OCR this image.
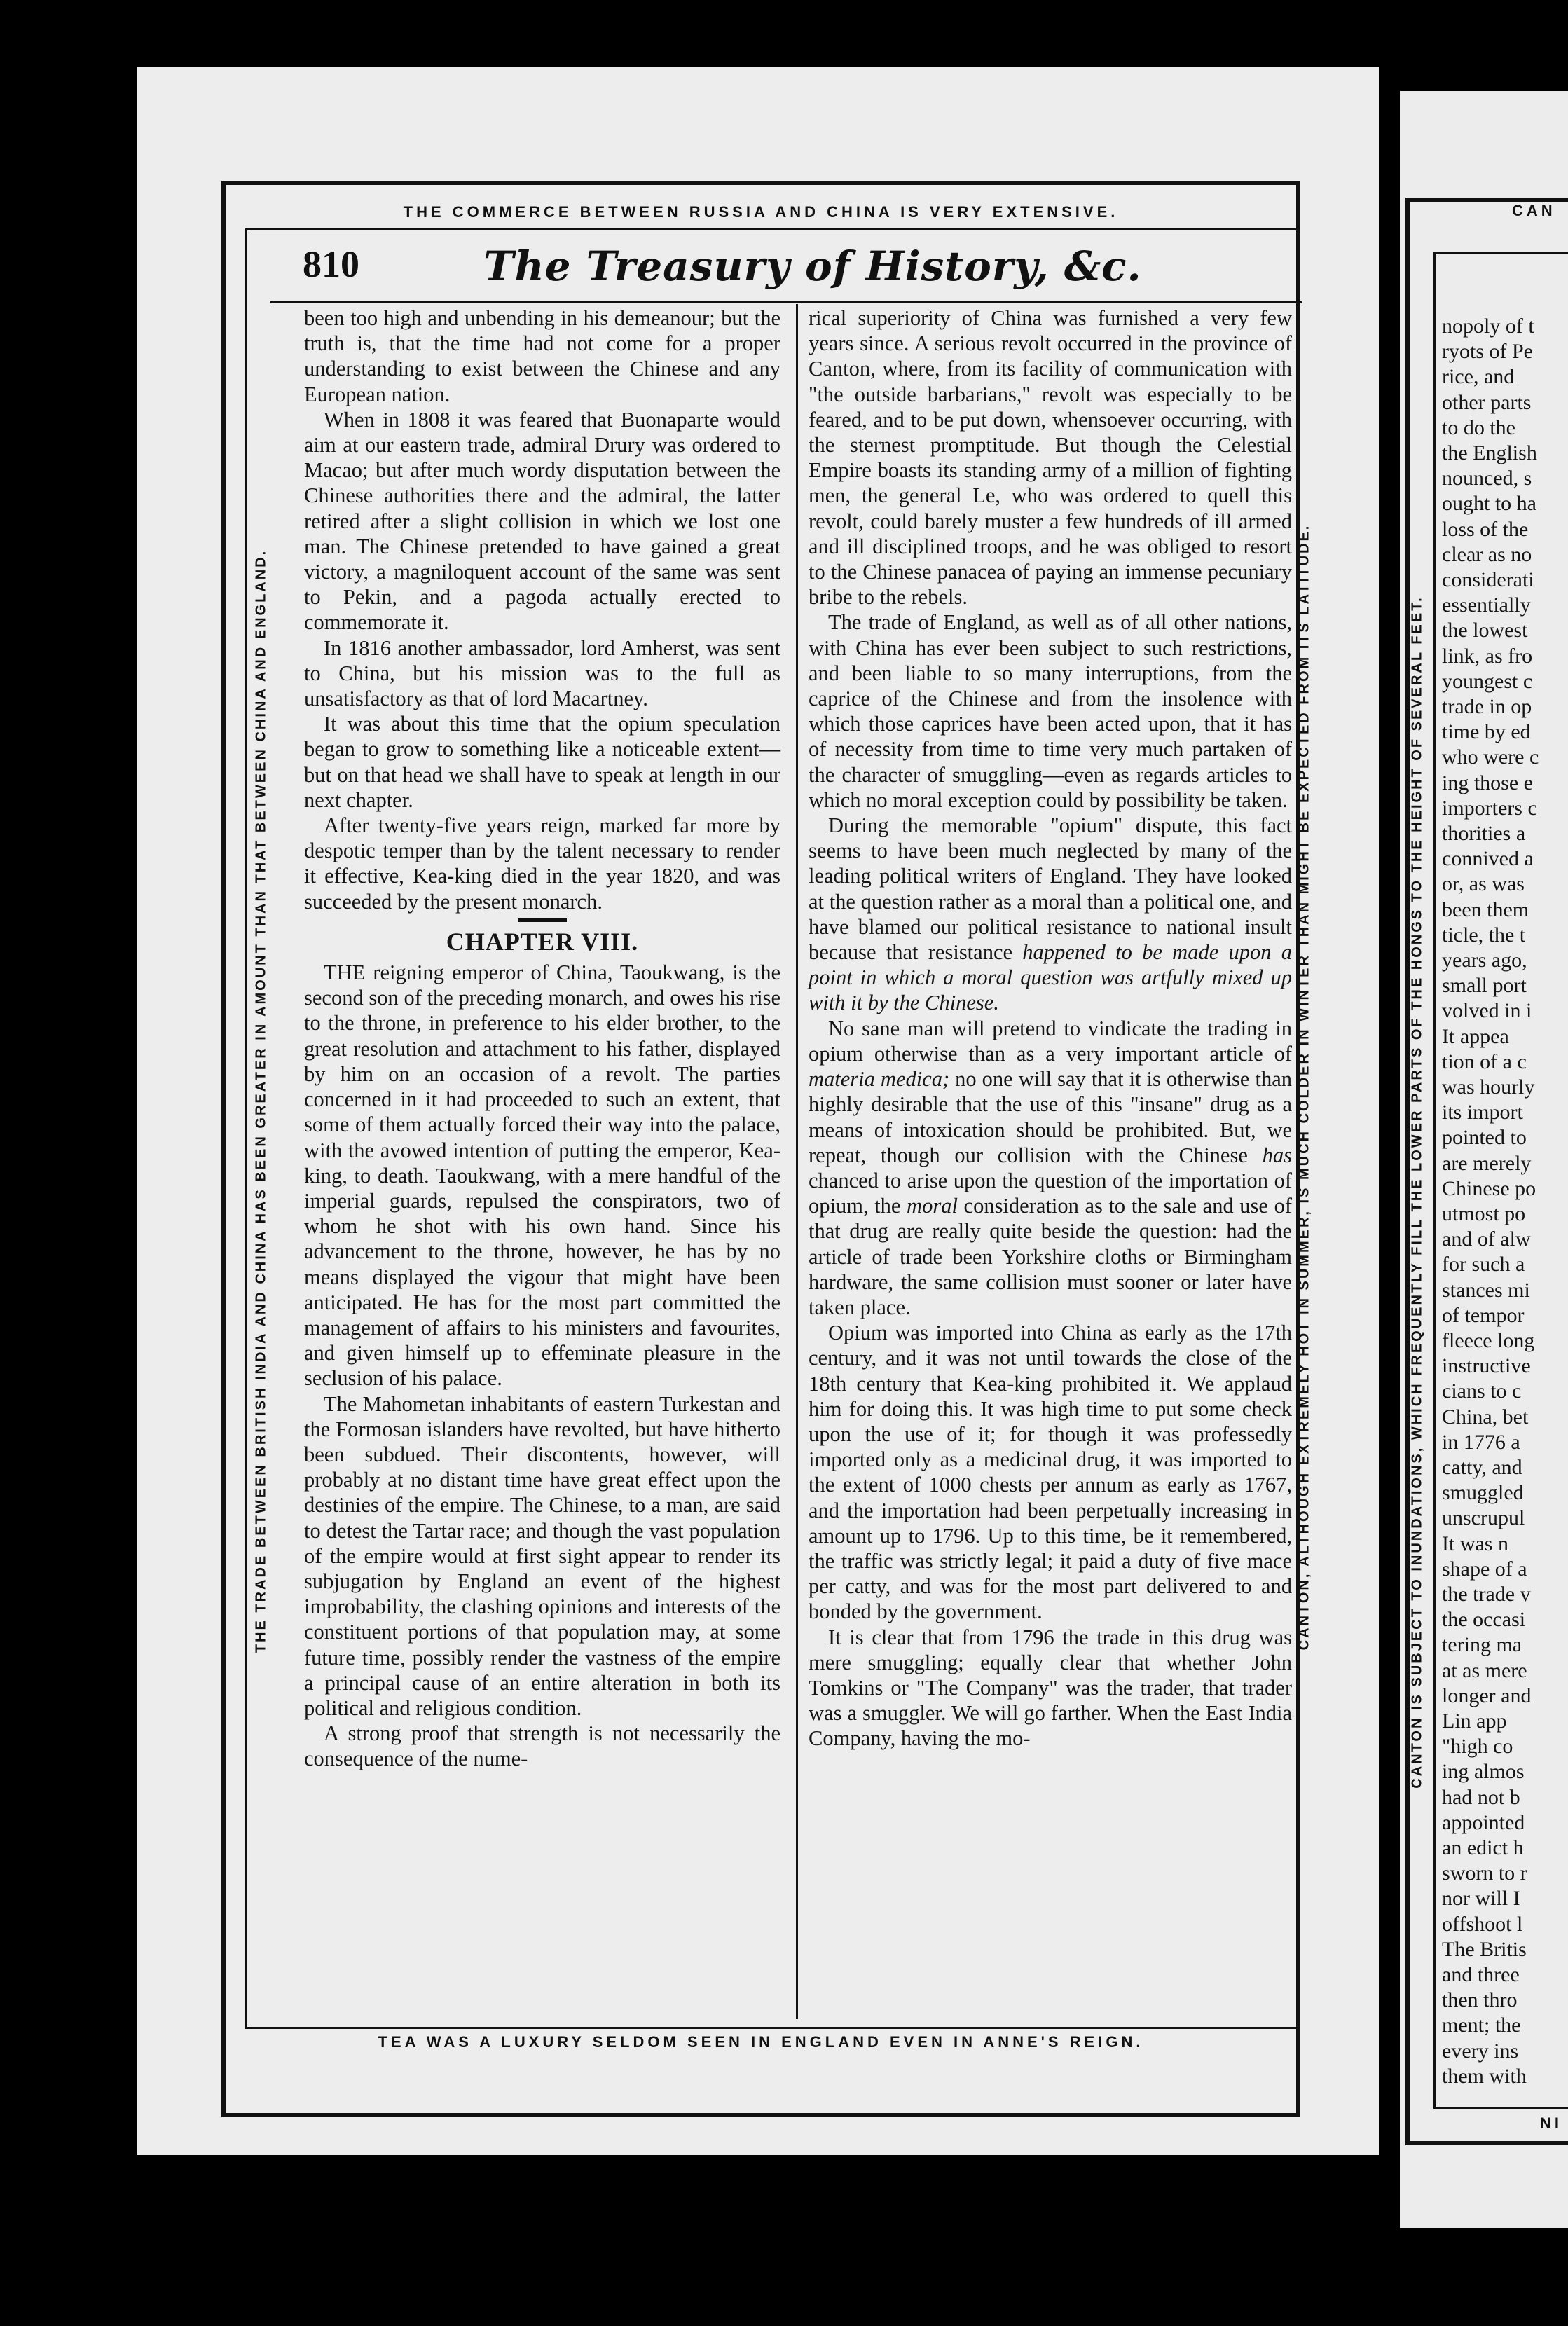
THE COMMERCE BETWEEN RUSSIA AND CHINA IS VERY EXTENSIVE.
TEA WAS A LUXURY SELDOM SEEN IN ENGLAND EVEN IN ANNE'S REIGN.
THE TRADE BETWEEN BRITISH INDIA AND CHINA HAS BEEN GREATER IN AMOUNT THAN THAT BETWEEN CHINA AND ENGLAND.	CANTON, ALTHOUGH EXTREMELY HOT IN SUMMER, IS MUCH COLDER IN WINTER THAN MIGHT BE EXPECTED FROM ITS LATITUDE.
810	The Treasury of History, &c.

been too high and unbending in his demeanour; but the truth is, that the time had not come for a proper understanding to exist between the Chinese and any European nation.

When in 1808 it was feared that Buonaparte would aim at our eastern trade, admiral Drury was ordered to Macao; but after much wordy disputation between the Chinese authorities there and the admiral, the latter retired after a slight collision in which we lost one man. The Chinese pretended to have gained a great victory, a magniloquent account of the same was sent to Pekin, and a pagoda actually erected to commemorate it.

In 1816 another ambassador, lord Amherst, was sent to China, but his mission was to the full as unsatisfactory as that of lord Macartney.

It was about this time that the opium speculation began to grow to something like a noticeable extent—but on that head we shall have to speak at length in our next chapter.

After twenty-five years reign, marked far more by despotic temper than by the talent necessary to render it effective, Kea-king died in the year 1820, and was succeeded by the present monarch.

CHAPTER VIII.

THE reigning emperor of China, Taoukwang, is the second son of the preceding monarch, and owes his rise to the throne, in preference to his elder brother, to the great resolution and attachment to his father, displayed by him on an occasion of a revolt. The parties concerned in it had proceeded to such an extent, that some of them actually forced their way into the palace, with the avowed intention of putting the emperor, Kea-king, to death. Taoukwang, with a mere handful of the imperial guards, repulsed the conspirators, two of whom he shot with his own hand. Since his advancement to the throne, however, he has by no means displayed the vigour that might have been anticipated. He has for the most part committed the management of affairs to his ministers and favourites, and given himself up to effeminate pleasure in the seclusion of his palace.

The Mahometan inhabitants of eastern Turkestan and the Formosan islanders have revolted, but have hitherto been subdued. Their discontents, however, will probably at no distant time have great effect upon the destinies of the empire. The Chinese, to a man, are said to detest the Tartar race; and though the vast population of the empire would at first sight appear to render its subjugation by England an event of the highest improbability, the clashing opinions and interests of the constituent portions of that population may, at some future time, possibly render the vastness of the empire a principal cause of an entire alteration in both its political and religious condition.

A strong proof that strength is not necessarily the consequence of the nume-

rical superiority of China was furnished a very few years since. A serious revolt occurred in the province of Canton, where, from its facility of communication with "the outside barbarians," revolt was especially to be feared, and to be put down, whensoever occurring, with the sternest promptitude. But though the Celestial Empire boasts its standing army of a million of fighting men, the general Le, who was ordered to quell this revolt, could barely muster a few hundreds of ill armed and ill disciplined troops, and he was obliged to resort to the Chinese panacea of paying an immense pecuniary bribe to the rebels.

The trade of England, as well as of all other nations, with China has ever been subject to such restrictions, and been liable to so many interruptions, from the caprice of the Chinese and from the insolence with which those caprices have been acted upon, that it has of necessity from time to time very much partaken of the character of smuggling—even as regards articles to which no moral exception could by possibility be taken.

During the memorable "opium" dispute, this fact seems to have been much neglected by many of the leading political writers of England. They have looked at the question rather as a moral than a political one, and have blamed our political resistance to national insult because that resistance happened to be made upon a point in which a moral question was artfully mixed up with it by the Chinese.

No sane man will pretend to vindicate the trading in opium otherwise than as a very important article of materia medica; no one will say that it is otherwise than highly desirable that the use of this "insane" drug as a means of intoxication should be prohibited. But, we repeat, though our collision with the Chinese has chanced to arise upon the question of the importation of opium, the moral consideration as to the sale and use of that drug are really quite beside the question: had the article of trade been Yorkshire cloths or Birmingham hardware, the same collision must sooner or later have taken place.

Opium was imported into China as early as the 17th century, and it was not until towards the close of the 18th century that Kea-king prohibited it. We applaud him for doing this. It was high time to put some check upon the use of it; for though it was professedly imported only as a medicinal drug, it was imported to the extent of 1000 chests per annum as early as 1767, and the importation had been perpetually increasing in amount up to 1796. Up to this time, be it remembered, the traffic was strictly legal; it paid a duty of five mace per catty, and was for the most part delivered to and bonded by the government.

It is clear that from 1796 the trade in this drug was mere smuggling; equally clear that whether John Tomkins or "The Company" was the trader, that trader was a smuggler. We will go farther. When the East India Company, having the mo-

CAN
NI
CANTON IS SUBJECT TO INUNDATIONS, WHICH FREQUENTLY FILL THE LOWER PARTS OF THE HONGS TO THE HEIGHT OF SEVERAL FEET.
nopoly of t
ryots of Pe
rice, and
other parts
to do the
the English
nounced, s
ought to ha
loss of the
clear as no
considerati
essentially
the lowest
link, as fro
youngest c
trade in op
time by ed
who were c
ing those e
importers c
thorities a
connived a
or, as was
been them
ticle, the t
years ago,
small port
volved in i
It appea
tion of a c
was hourly
its import
pointed to
are merely
Chinese po
utmost po
and of alw
for such a
stances mi
of tempor
fleece long
instructive
cians to c
China, bet
in 1776 a
catty, and
smuggled
unscrupul
It was n
shape of a
the trade v
the occasi
tering ma
at as mere
longer and
Lin app
"high co
ing almos
had not b
appointed
an edict h
sworn to r
nor will I
offshoot l
The Britis
and three
then thro
ment; the
every ins
them with
